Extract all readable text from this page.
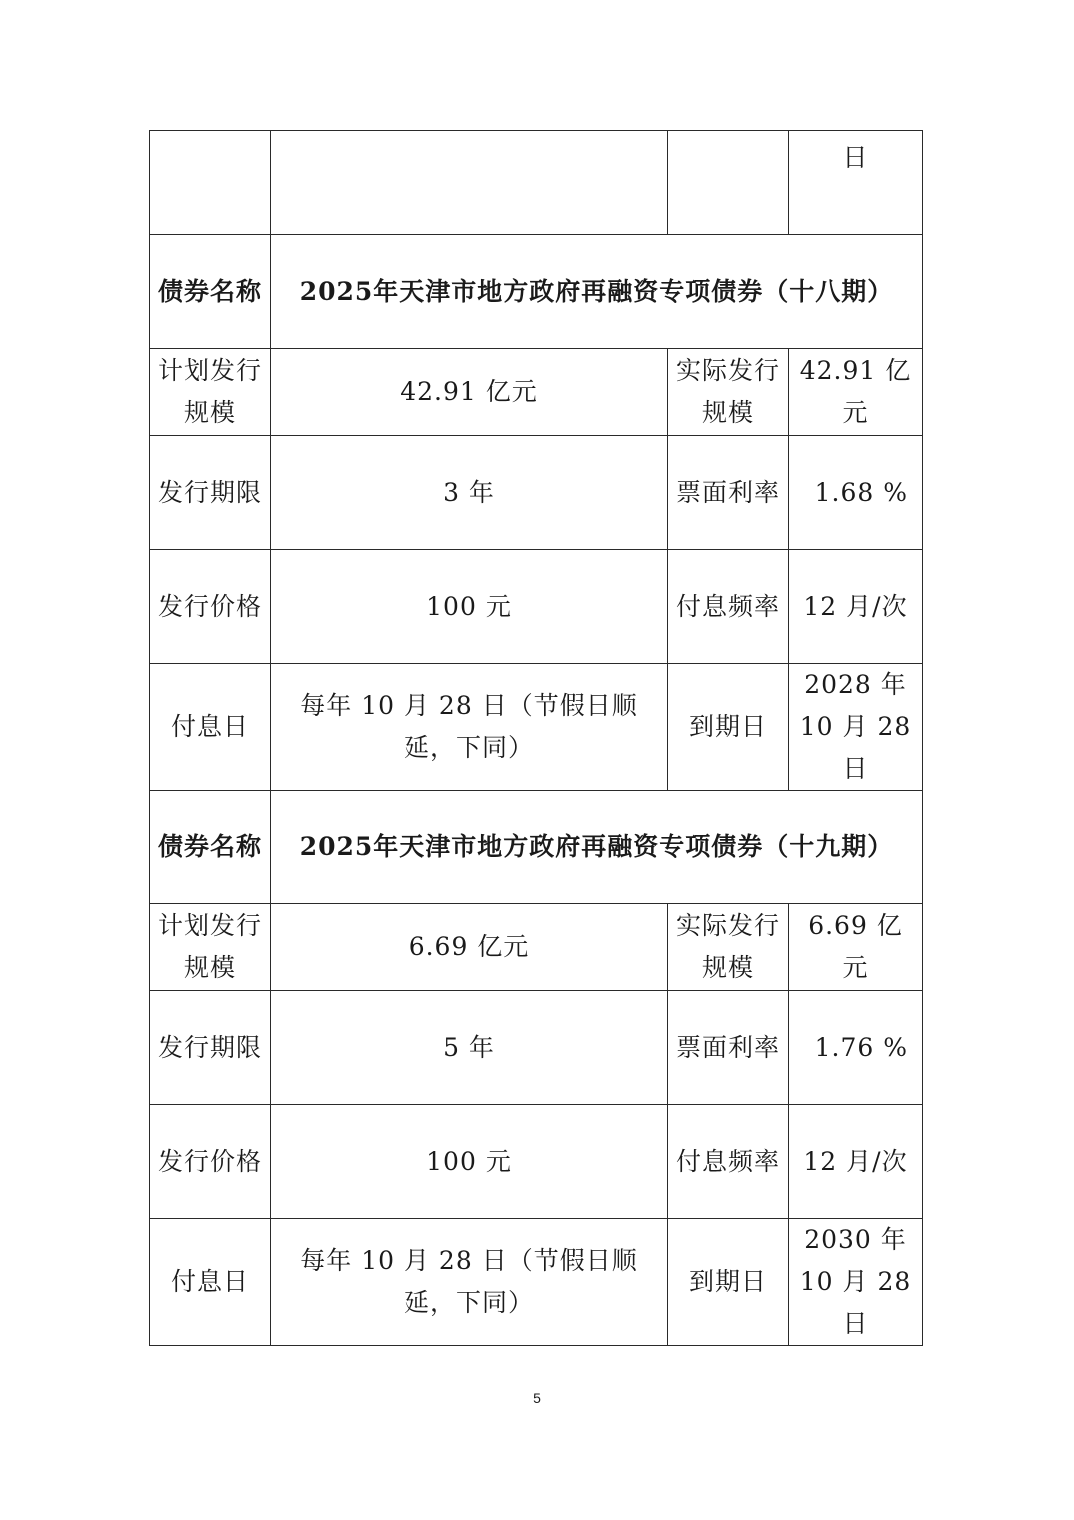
			日
债券名称	2025年天津市地方政府再融资专项债券（十八期）		
计划发行规模	42.91 亿元	实际发行规模	42.91 亿元
发行期限	3 年	票面利率	1.68 %
发行价格	100 元	付息频率	12 月/次
付息日	每年 10 月 28 日（节假日顺延，下同）	到期日	2028 年 10 月 28 日
债券名称	2025年天津市地方政府再融资专项债券（十九期）		
计划发行规模	6.69 亿元	实际发行规模	6.69 亿元
发行期限	5 年	票面利率	1.76 %
发行价格	100 元	付息频率	12 月/次
付息日	每年 10 月 28 日（节假日顺延，下同）	到期日	2030 年 10 月 28 日
5
